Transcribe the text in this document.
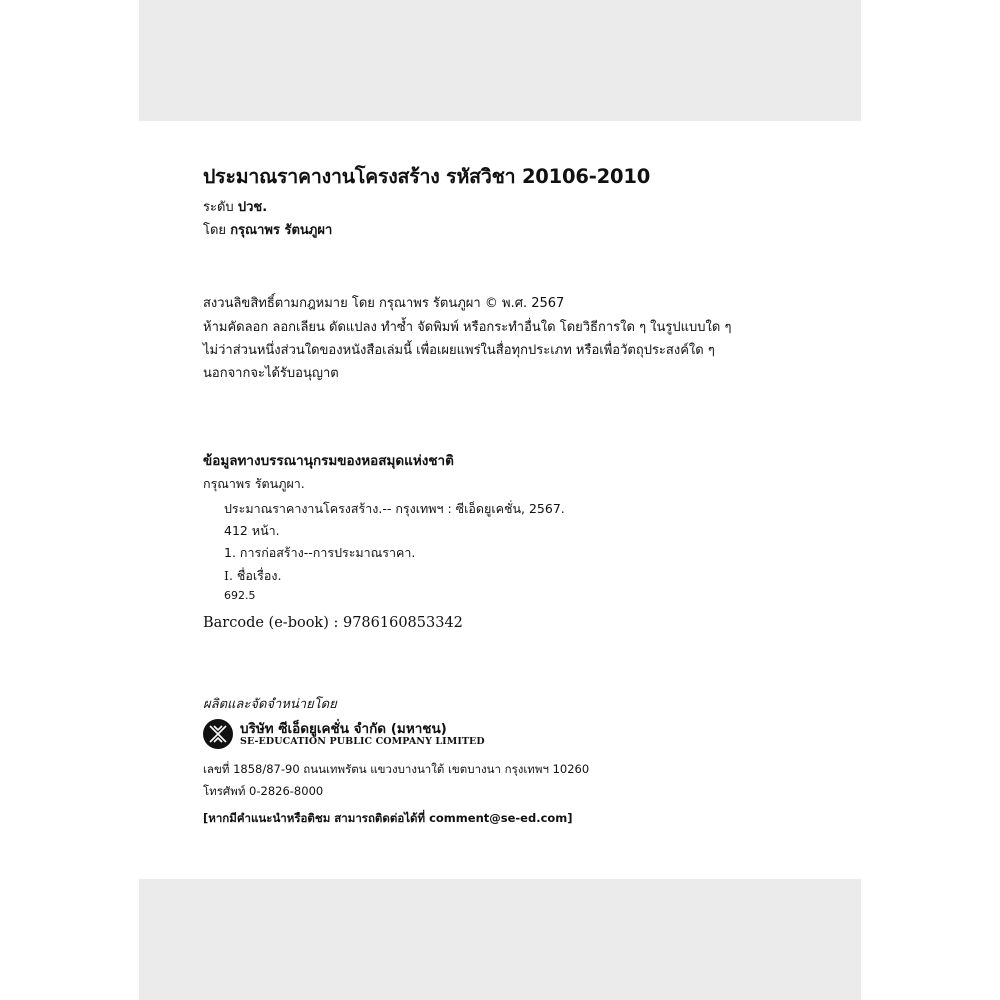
ประมาณราคางานโครงสร้าง รหัสวิชา 20106-2010
ระดับ ปวช.
โดย กรุณาพร รัตนภูผา
สงวนลิขสิทธิ์ตามกฎหมาย โดย กรุณาพร รัตนภูผา © พ.ศ. 2567
ห้ามคัดลอก ลอกเลียน ดัดแปลง ทำซ้ำ จัดพิมพ์ หรือกระทำอื่นใด โดยวิธีการใด ๆ ในรูปแบบใด ๆ
ไม่ว่าส่วนหนึ่งส่วนใดของหนังสือเล่มนี้ เพื่อเผยแพร่ในสื่อทุกประเภท หรือเพื่อวัตถุประสงค์ใด ๆ
นอกจากจะได้รับอนุญาต
ข้อมูลทางบรรณานุกรมของหอสมุดแห่งชาติ
กรุณาพร รัตนภูผา.
ประมาณราคางานโครงสร้าง.-- กรุงเทพฯ : ซีเอ็ดยูเคชั่น, 2567.
412 หน้า.
1. การก่อสร้าง--การประมาณราคา.
I. ชื่อเรื่อง.
692.5
Barcode (e-book) : 9786160853342
ผลิตและจัดจำหน่ายโดย
บริษัท ซีเอ็ดยูเคชั่น จำกัด (มหาชน)
SE-EDUCATION PUBLIC COMPANY LIMITED
เลขที่ 1858/87-90 ถนนเทพรัตน แขวงบางนาใต้ เขตบางนา กรุงเทพฯ 10260
โทรศัพท์ 0-2826-8000
[หากมีคำแนะนำหรือติชม สามารถติดต่อได้ที่ comment@se-ed.com]
